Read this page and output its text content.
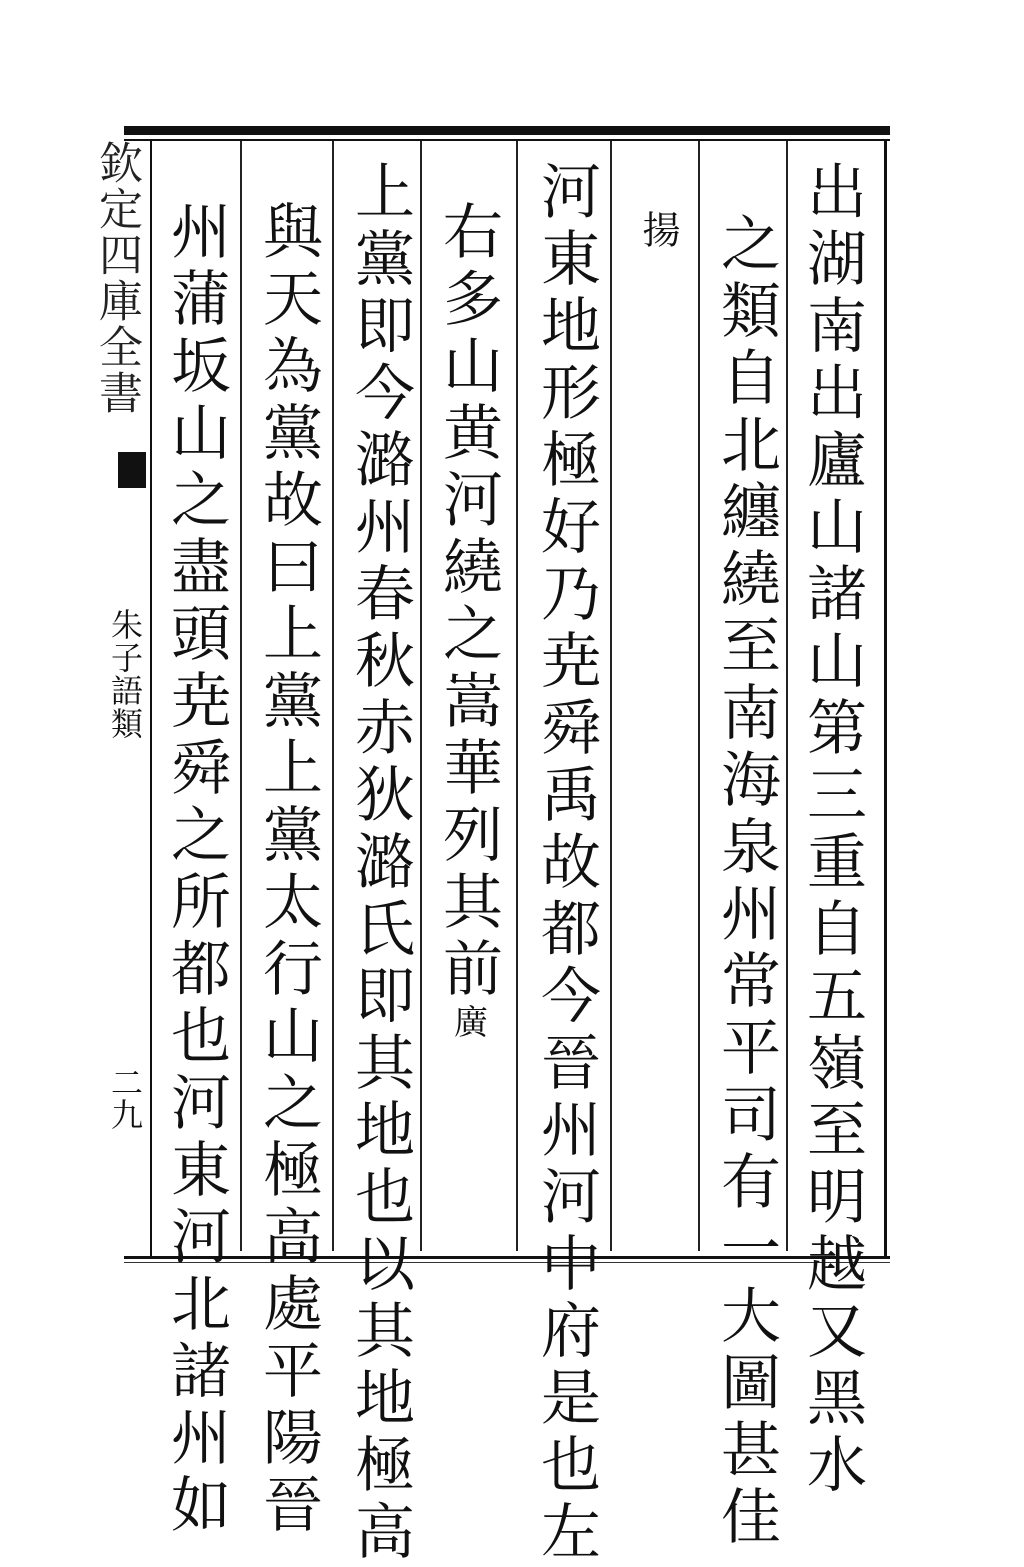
欽定四庫全書
朱子語類
二九	出湖南出廬山諸山第三重自五嶺至明越又黑水
之類自北纏繞至南海泉州常平司有一大圖甚佳
揚
河東地形極好乃尭舜禹故都今晉州河中府是也左
右多山黄河繞之嵩華列其前
廣
上黨即今潞州春秋赤狄潞氏即其地也以其地極高
與天為黨故曰上黨上黨太行山之極高處平陽晉
州蒲坂山之盡頭尭舜之所都也河東河北諸州如
